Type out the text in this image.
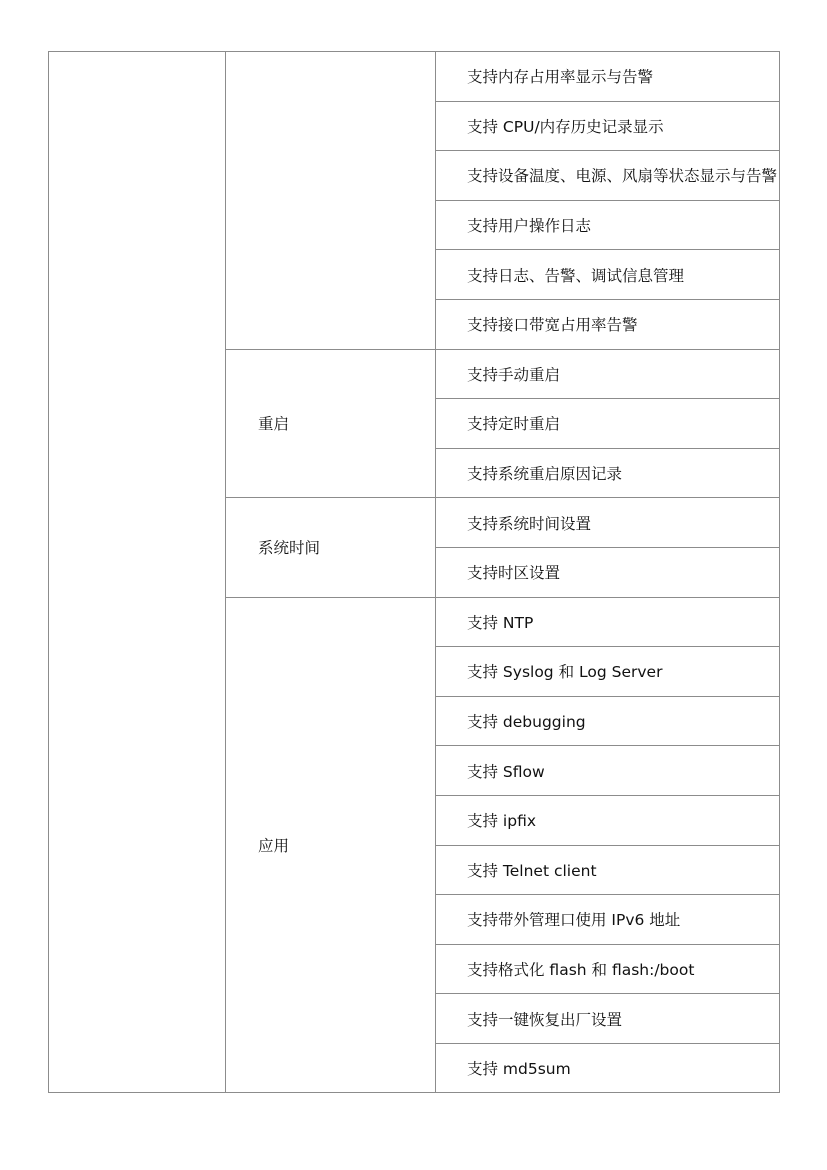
		支持内存占用率显示与告警
		支持 CPU/内存历史记录显示
		支持设备温度、电源、风扇等状态显示与告警
		支持用户操作日志
		支持日志、告警、调试信息管理
		支持接口带宽占用率告警
	重启	支持手动重启
		支持定时重启
		支持系统重启原因记录
	系统时间	支持系统时间设置
		支持时区设置
	应用	支持 NTP
		支持 Syslog 和 Log Server
		支持 debugging
		支持 Sflow
		支持 ipfix
		支持 Telnet client
		支持带外管理口使用 IPv6 地址
		支持格式化 flash 和 flash:/boot
		支持一键恢复出厂设置
		支持 md5sum
